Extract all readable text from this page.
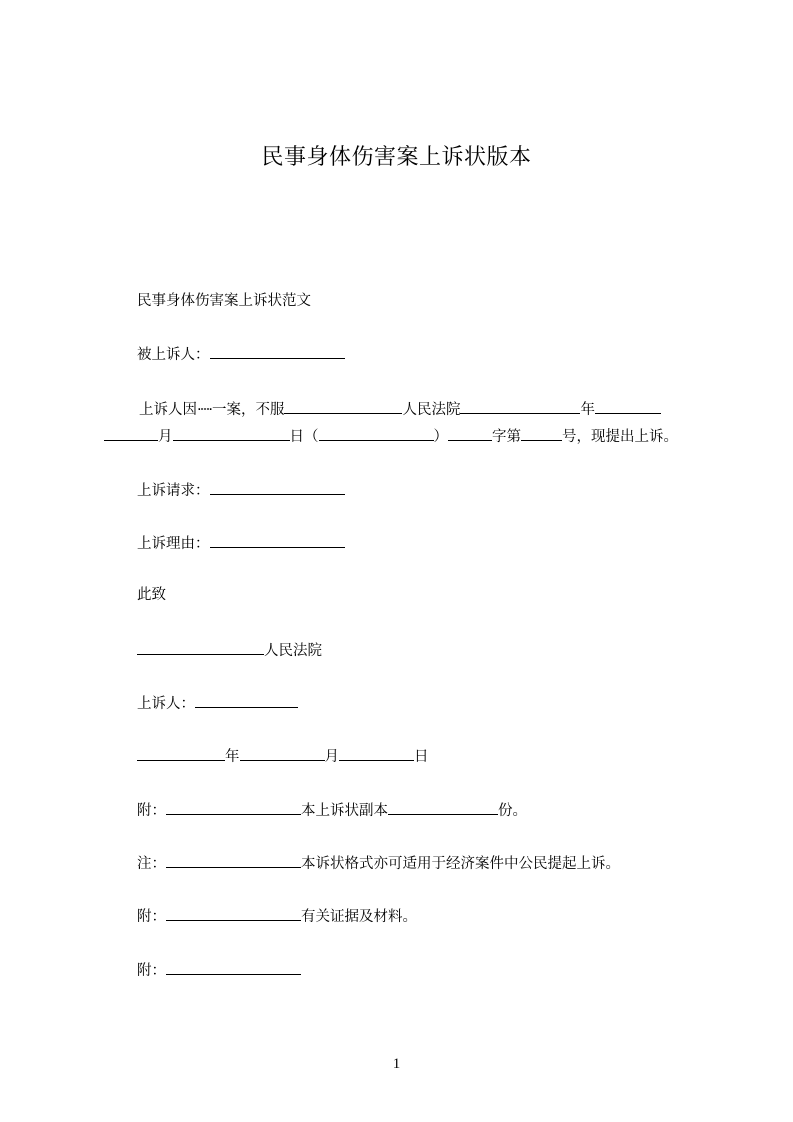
民事身体伤害案上诉状版本
民事身体伤害案上诉状范文
被上诉人：
上诉人因·┄·一案，不服	人民法院	年
月	日（	）	字第	号，现提出上诉。
上诉请求：
上诉理由：
此致
人民法院
上诉人：
年	月	日
附：	本上诉状副本	份。
注：	本诉状格式亦可适用于经济案件中公民提起上诉。
附：	有关证据及材料。
附：
1
